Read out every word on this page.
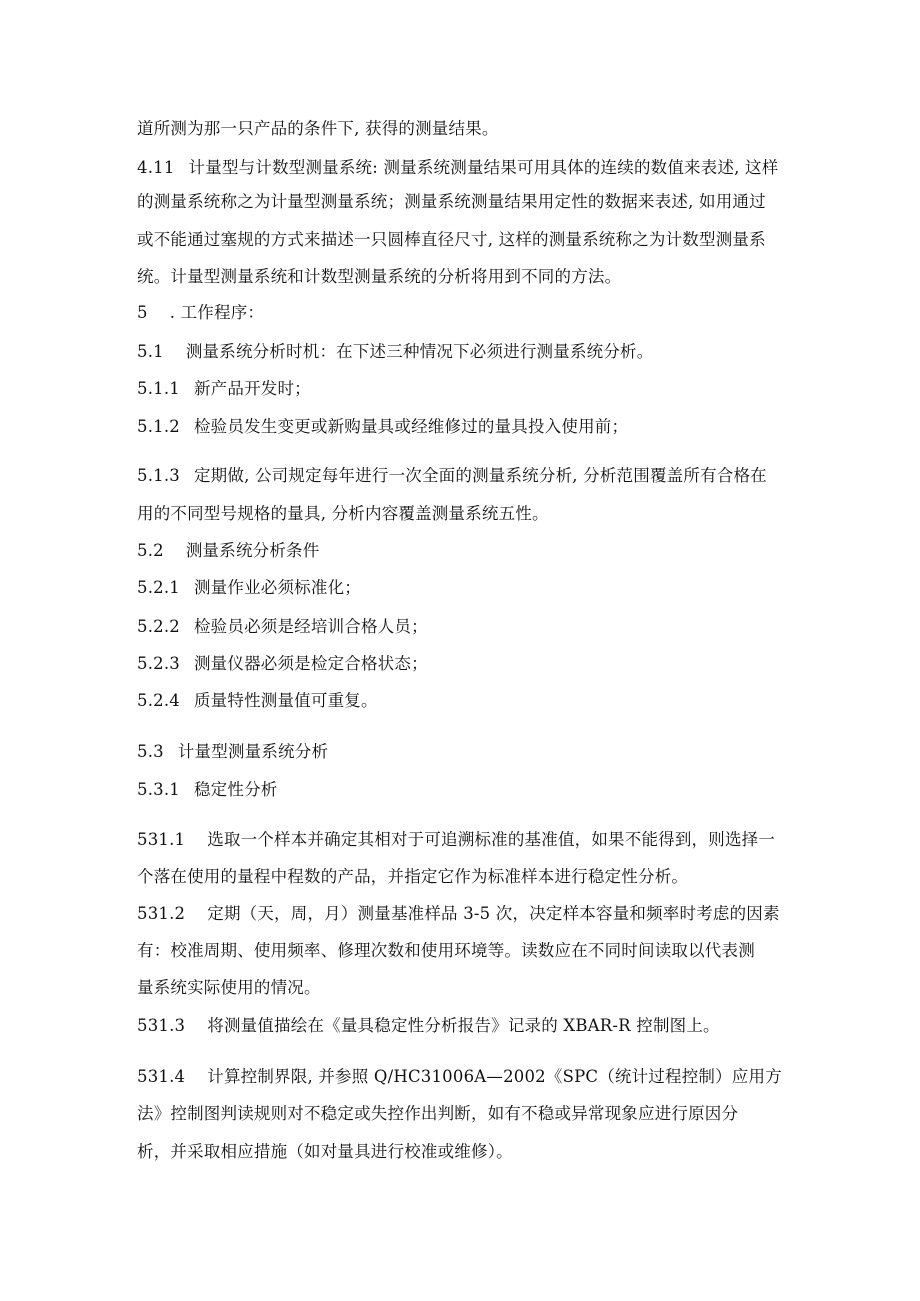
道所测为那一只产品的条件下, 获得的测量结果。
4.11 计量型与计数型测量系统: 测量系统测量结果可用具体的连续的数值来表述, 这样
的测量系统称之为计量型测量系统；测量系统测量结果用定性的数据来表述, 如用通过
或不能通过塞规的方式来描述一只圆棒直径尺寸, 这样的测量系统称之为计数型测量系
统。计量型测量系统和计数型测量系统的分析将用到不同的方法。
5 . 工作程序：
5.1 测量系统分析时机：在下述三种情况下必须进行测量系统分析。
5.1.1 新产品开发时；
5.1.2 检验员发生变更或新购量具或经维修过的量具投入使用前；
5.1.3 定期做, 公司规定每年进行一次全面的测量系统分析, 分析范围覆盖所有合格在
用的不同型号规格的量具, 分析内容覆盖测量系统五性。
5.2 测量系统分析条件
5.2.1 测量作业必须标准化；
5.2.2 检验员必须是经培训合格人员；
5.2.3 测量仪器必须是检定合格状态；
5.2.4 质量特性测量值可重复。
5.3 计量型测量系统分析
5.3.1 稳定性分析
531.1 选取一个样本并确定其相对于可追溯标准的基准值，如果不能得到，则选择一
个落在使用的量程中程数的产品，并指定它作为标准样本进行稳定性分析。
531.2 定期（天，周，月）测量基准样品 3-5 次，决定样本容量和频率时考虑的因素
有：校准周期、使用频率、修理次数和使用环境等。读数应在不同时间读取以代表测
量系统实际使用的情况。
531.3 将测量值描绘在《量具稳定性分析报告》记录的 XBAR-R 控制图上。
531.4 计算控制界限, 并参照 Q/HC31006A—2002《SPC（统计过程控制）应用方
法》控制图判读规则对不稳定或失控作出判断，如有不稳或异常现象应进行原因分
析，并采取相应措施（如对量具进行校准或维修）。
